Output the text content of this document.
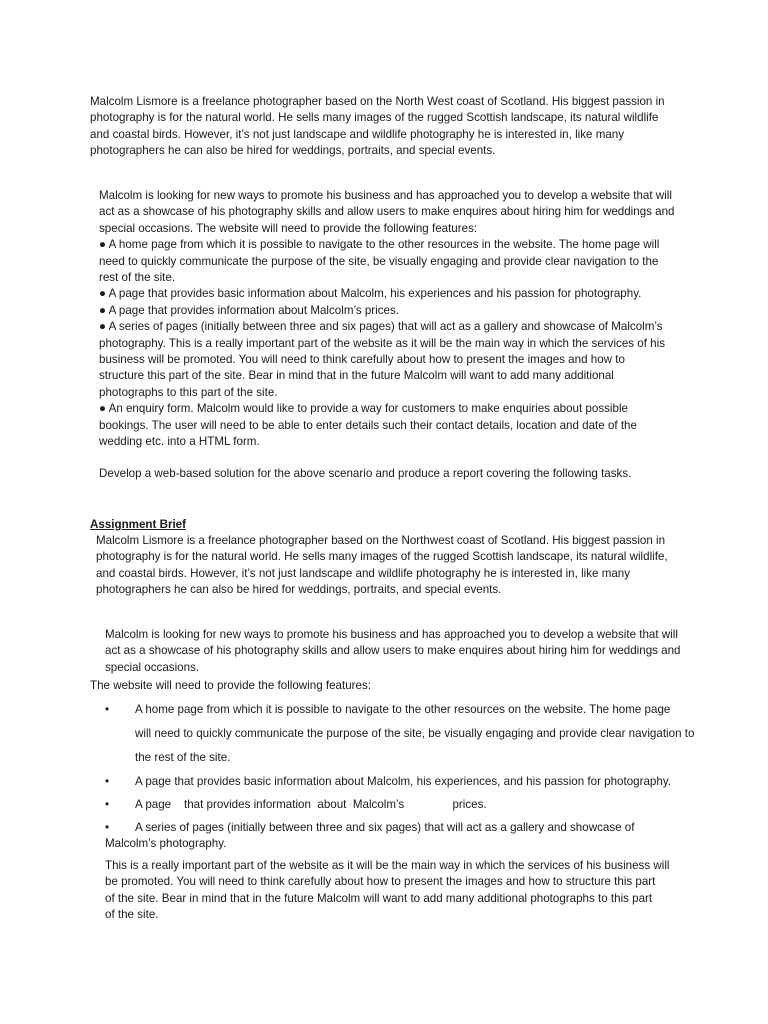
Malcolm Lismore is a freelance photographer based on the North West coast of Scotland. His biggest passion in
photography is for the natural world. He sells many images of the rugged Scottish landscape, its natural wildlife
and coastal birds. However, it’s not just landscape and wildlife photography he is interested in, like many
photographers he can also be hired for weddings, portraits, and special events.
Malcolm is looking for new ways to promote his business and has approached you to develop a website that will
act as a showcase of his photography skills and allow users to make enquires about hiring him for weddings and
special occasions. The website will need to provide the following features:
● A home page from which it is possible to navigate to the other resources in the website. The home page will
need to quickly communicate the purpose of the site, be visually engaging and provide clear navigation to the
rest of the site.
● A page that provides basic information about Malcolm, his experiences and his passion for photography.
● A page that provides information about Malcolm’s prices.
● A series of pages (initially between three and six pages) that will act as a gallery and showcase of Malcolm’s
photography. This is a really important part of the website as it will be the main way in which the services of his
business will be promoted. You will need to think carefully about how to present the images and how to
structure this part of the site. Bear in mind that in the future Malcolm will want to add many additional
photographs to this part of the site.
● An enquiry form. Malcolm would like to provide a way for customers to make enquiries about possible
bookings. The user will need to be able to enter details such their contact details, location and date of the
wedding etc. into a HTML form.
Develop a web-based solution for the above scenario and produce a report covering the following tasks.
Assignment Brief
Malcolm Lismore is a freelance photographer based on the Northwest coast of Scotland. His biggest passion in
photography is for the natural world. He sells many images of the rugged Scottish landscape, its natural wildlife,
and coastal birds. However, it’s not just landscape and wildlife photography he is interested in, like many
photographers he can also be hired for weddings, portraits, and special events.
Malcolm is looking for new ways to promote his business and has approached you to develop a website that will
act as a showcase of his photography skills and allow users to make enquires about hiring him for weddings and
special occasions.
The website will need to provide the following features:
• A home page from which it is possible to navigate to the other resources on the website. The home page
will need to quickly communicate the purpose of the site, be visually engaging and provide clear navigation to
the rest of the site.
• A page that provides basic information about Malcolm, his experiences, and his passion for photography.
• A page    that provides information  about  Malcolm’s               prices.
• A series of pages (initially between three and six pages) that will act as a gallery and showcase of
Malcolm’s photography.
This is a really important part of the website as it will be the main way in which the services of his business will
be promoted. You will need to think carefully about how to present the images and how to structure this part
of the site. Bear in mind that in the future Malcolm will want to add many additional photographs to this part
of the site.
